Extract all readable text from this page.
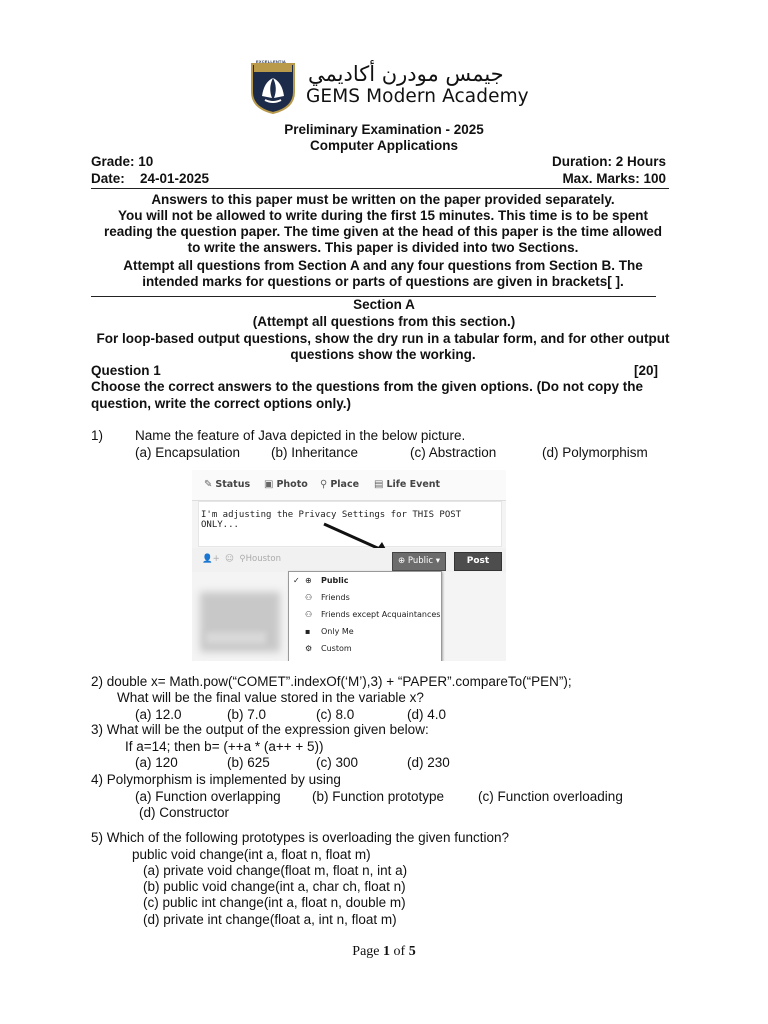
EXCELLENTIA
جيمس مودرن أكاديمي
GEMS Modern Academy
Preliminary Examination - 2025
Computer Applications
Grade: 10	Duration: 2 Hours
Date: 24-01-2025	Max. Marks: 100
Answers to this paper must be written on the paper provided separately.
You will not be allowed to write during the first 15 minutes. This time is to be spent
reading the question paper. The time given at the head of this paper is the time allowed
to write the answers. This paper is divided into two Sections.
Attempt all questions from Section A and any four questions from Section B. The
intended marks for questions or parts of questions are given in brackets[ ].
Section A
(Attempt all questions from this section.)
For loop-based output questions, show the dry run in a tabular form, and for other output
questions show the working.
Question 1	[20]
Choose the correct answers to the questions from the given options. (Do not copy the
question, write the correct options only.)
1) Name the feature of Java depicted in the below picture.
(a) Encapsulation (b) Inheritance	(c) Abstraction	(d) Polymorphism
✎ Status ▣ Photo ⚲ Place ▤ Life Event
I'm adjusting the Privacy Settings for THIS POST ONLY...
👤+ ☺ ⚲Houston	⊕ Public ▾	Post
✓ ⊕	Public
⚇	Friends
⚇	Friends except Acquaintances
▪	Only Me
⚙	Custom
2) double x= Math.pow(“COMET”.indexOf(‘M’),3) + “PAPER”.compareTo(“PEN”);
What will be the final value stored in the variable x?
(a) 12.0	(b) 7.0	(c) 8.0	(d) 4.0
3) What will be the output of the expression given below:
If a=14; then b= (++a * (a++ + 5))
(a) 120	(b) 625	(c) 300	(d) 230
4) Polymorphism is implemented by using
(a) Function overlapping (b) Function prototype	(c) Function overloading
(d) Constructor
5) Which of the following prototypes is overloading the given function?
public void change(int a, float n, float m)
(a) private void change(float m, float n, int a)
(b) public void change(int a, char ch, float n)
(c) public int change(int a, float n, double m)
(d) private int change(float a, int n, float m)
Page 1 of 5
